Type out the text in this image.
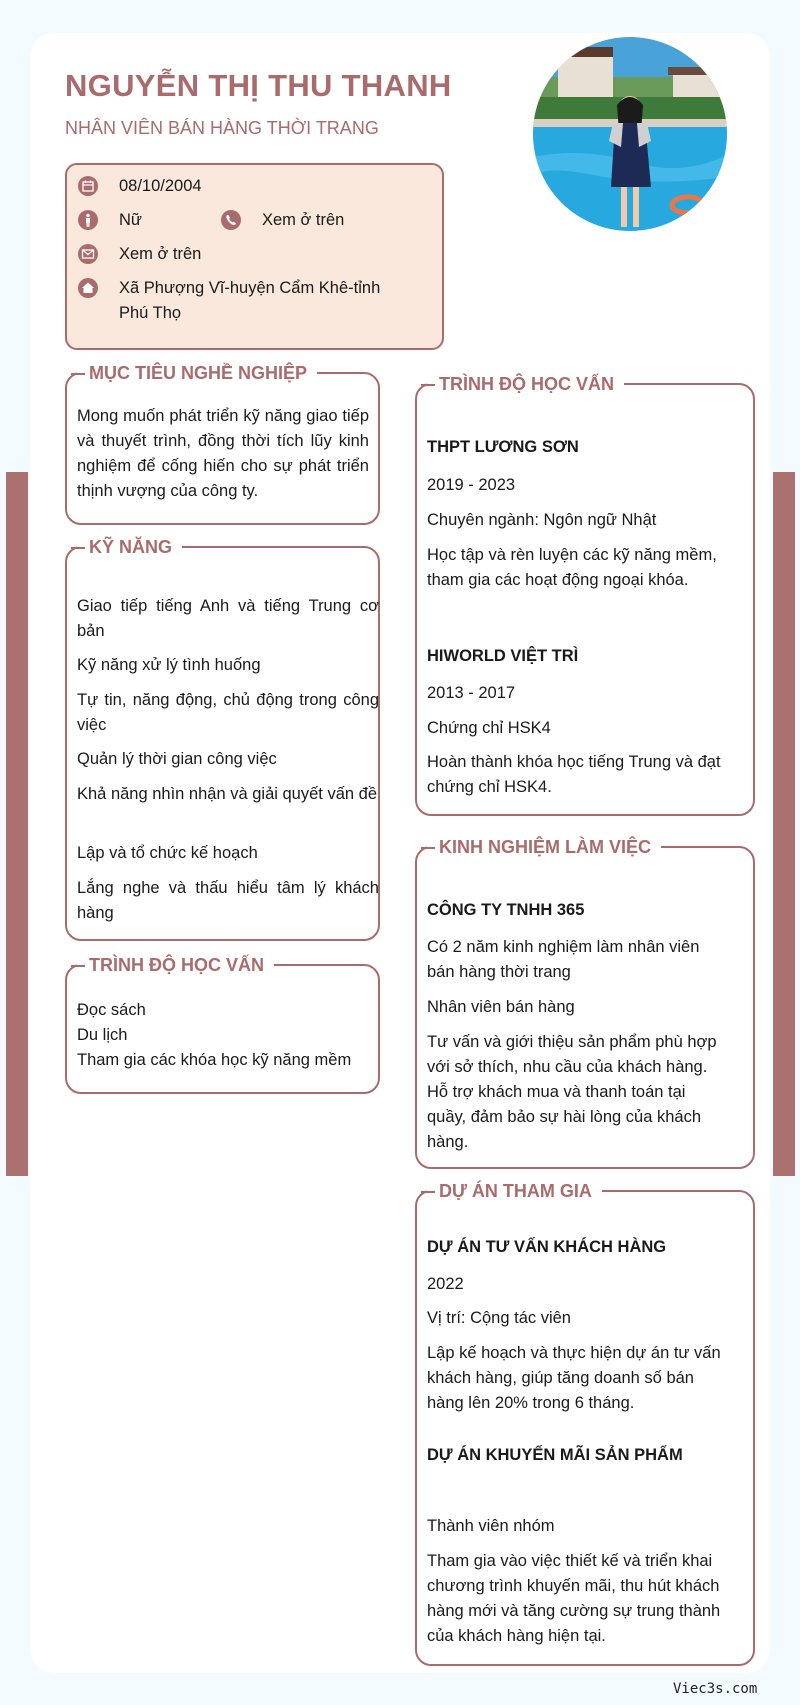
NGUYỄN THỊ THU THANH
NHÂN VIÊN BÁN HÀNG THỜI TRANG
08/10/2004
Nữ	Xem ở trên
Xem ở trên
Xã Phượng Vĩ-huyện Cẩm Khê-tỉnh
Phú Thọ
MỤC TIÊU NGHỀ NGHIỆP
Mong muốn phát triển kỹ năng giao tiếp và thuyết trình, đồng thời tích lũy kinh nghiệm để cống hiến cho sự phát triển thịnh vượng của công ty.
KỸ NĂNG
Giao tiếp tiếng Anh và tiếng Trung cơ bản
Kỹ năng xử lý tình huống
Tự tin, năng động, chủ động trong công việc
Quản lý thời gian công việc
Khả năng nhìn nhận và giải quyết vấn đề
Lập và tổ chức kế hoạch
Lắng nghe và thấu hiểu tâm lý khách hàng
TRÌNH ĐỘ HỌC VẤN
Đọc sách
Du lịch
Tham gia các khóa học kỹ năng mềm
TRÌNH ĐỘ HỌC VẤN
THPT LƯƠNG SƠN
2019 - 2023
Chuyên ngành: Ngôn ngữ Nhật
Học tập và rèn luyện các kỹ năng mềm, tham gia các hoạt động ngoại khóa.
HIWORLD VIỆT TRÌ
2013 - 2017
Chứng chỉ HSK4
Hoàn thành khóa học tiếng Trung và đạt chứng chỉ HSK4.
KINH NGHIỆM LÀM VIỆC
CÔNG TY TNHH 365
Có 2 năm kinh nghiệm làm nhân viên bán hàng thời trang
Nhân viên bán hàng
Tư vấn và giới thiệu sản phẩm phù hợp với sở thích, nhu cầu của khách hàng. Hỗ trợ khách mua và thanh toán tại quầy, đảm bảo sự hài lòng của khách hàng.
DỰ ÁN THAM GIA
DỰ ÁN TƯ VẤN KHÁCH HÀNG
2022
Vị trí: Cộng tác viên
Lập kế hoạch và thực hiện dự án tư vấn khách hàng, giúp tăng doanh số bán hàng lên 20% trong 6 tháng.
DỰ ÁN KHUYẾN MÃI SẢN PHẨM
Thành viên nhóm
Tham gia vào việc thiết kế và triển khai chương trình khuyến mãi, thu hút khách hàng mới và tăng cường sự trung thành của khách hàng hiện tại.
Viec3s.com
